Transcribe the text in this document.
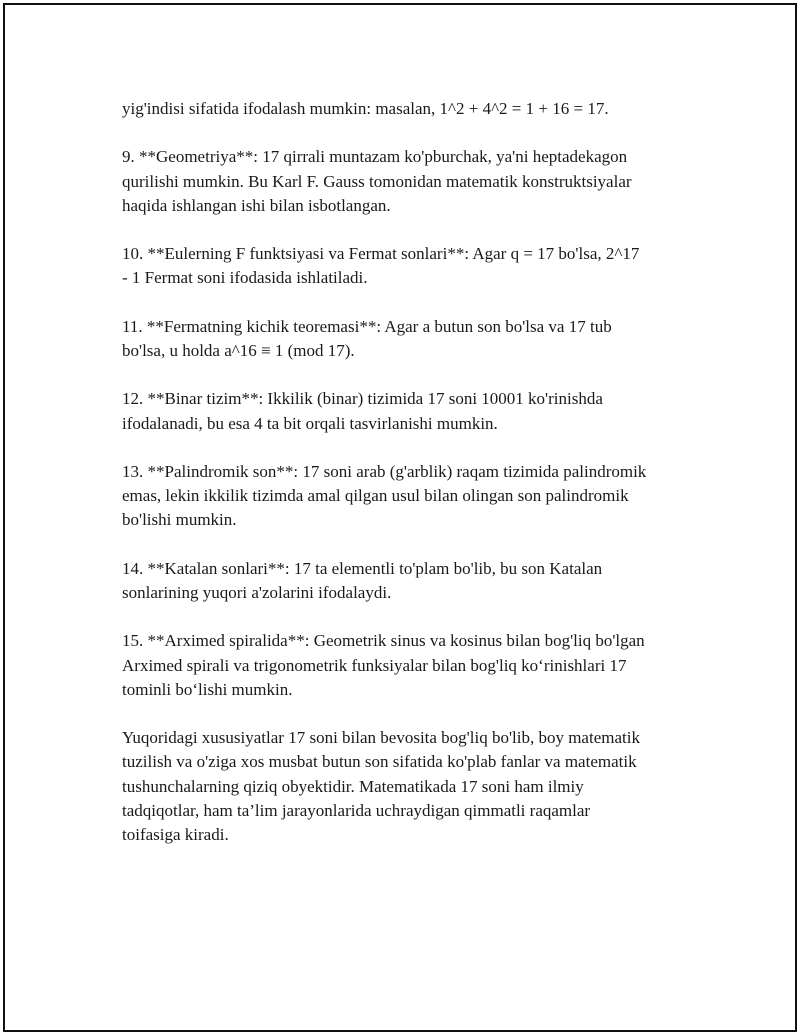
yig'indisi sifatida ifodalash mumkin: masalan, 1^2 + 4^2 = 1 + 16 = 17.

9. **Geometriya**: 17 qirrali muntazam ko'pburchak, ya'ni heptadekagon
qurilishi mumkin. Bu Karl F. Gauss tomonidan matematik konstruktsiyalar
haqida ishlangan ishi bilan isbotlangan.

10. **Eulerning F funktsiyasi va Fermat sonlari**: Agar q = 17 bo'lsa, 2^17
- 1 Fermat soni ifodasida ishlatiladi.

11. **Fermatning kichik teoremasi**: Agar a butun son bo'lsa va 17 tub
bo'lsa, u holda a^16 ≡ 1 (mod 17).

12. **Binar tizim**: Ikkilik (binar) tizimida 17 soni 10001 ko'rinishda
ifodalanadi, bu esa 4 ta bit orqali tasvirlanishi mumkin.

13. **Palindromik son**: 17 soni arab (g'arblik) raqam tizimida palindromik
emas, lekin ikkilik tizimda amal qilgan usul bilan olingan son palindromik
bo'lishi mumkin.

14. **Katalan sonlari**: 17 ta elementli to'plam bo'lib, bu son Katalan
sonlarining yuqori a'zolarini ifodalaydi.

15. **Arximed spiralida**: Geometrik sinus va kosinus bilan bog'liq bo'lgan
Arximed spirali va trigonometrik funksiyalar bilan bog'liq ko‘rinishlari 17
tominli bo‘lishi mumkin.

Yuqoridagi xususiyatlar 17 soni bilan bevosita bog'liq bo'lib, boy matematik
tuzilish va o'ziga xos musbat butun son sifatida ko'plab fanlar va matematik
tushunchalarning qiziq obyektidir. Matematikada 17 soni ham ilmiy
tadqiqotlar, ham ta’lim jarayonlarida uchraydigan qimmatli raqamlar
toifasiga kiradi.
